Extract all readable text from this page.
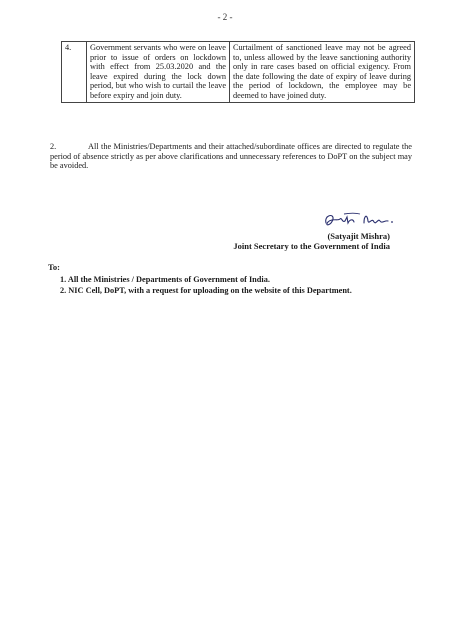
- 2 -
4.	Government servants who were on leave prior to issue of orders on lockdown with effect from 25.03.2020 and the leave expired during the lock down period, but who wish to curtail the leave before expiry and join duty.	Curtailment of sanctioned leave may not be agreed to, unless allowed by the leave sanctioning authority only in rare cases based on official exigency. From the date following the date of expiry of leave during the period of lockdown, the employee may be deemed to have joined duty.
2.	All the Ministries/Departments and their attached/subordinate offices are directed to regulate the period of absence strictly as per above clarifications and unnecessary references to DoPT on the subject may be avoided.
(Satyajit Mishra)
Joint Secretary to the Government of India
To:
1. All the Ministries / Departments of Government of India.
2. NIC Cell, DoPT, with a request for uploading on the website of this Department.
